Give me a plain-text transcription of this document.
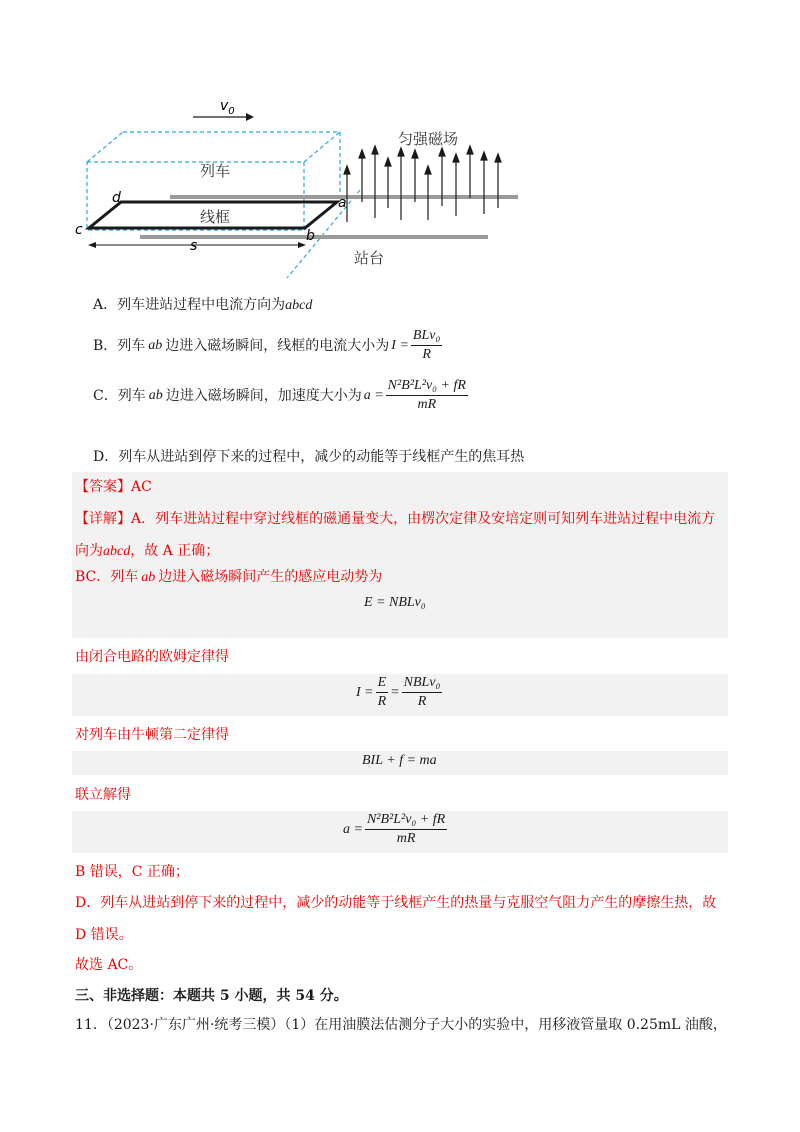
$v_0$
列车
匀强磁场
线框
a
b
c
d
s
站台
A．列车进站过程中电流方向为abcd
B．列车 ab 边进入磁场瞬间，线框的电流大小为 $I = \frac{\text{BLv₀}}{R}$
C．列车 ab 边进入磁场瞬间，加速度大小为 $a = \frac{\text{N²B²L²v₀ + fR}}{mR}$
D．列车从进站到停下来的过程中，减少的动能等于线框产生的焦耳热
【答案】AC
【详解】A．列车进站过程中穿过线框的磁通量变大，由楞次定律及安培定则可知列车进站过程中电流方
向为abcd，故 A 正确；
BC．列车 ab 边进入磁场瞬间产生的感应电动势为
E = NBLv₀
由闭合电路的欧姆定律得
$I = \frac{E}{R} = \frac{\text{NBLv₀}}{R}$
对列车由牛顿第二定律得
BIL + f = ma
联立解得
$a = \frac{\text{N²B²L²v₀ + fR}}{mR}$
B 错误，C 正确；
D．列车从进站到停下来的过程中，减少的动能等于线框产生的热量与克服空气阻力产生的摩擦生热，故
D 错误。
故选 AC。
三、非选择题：本题共 5 小题，共 54 分。
11．（2023·广东广州·统考三模）（1）在用油膜法估测分子大小的实验中，用移液管量取 0.25mL 油酸，
